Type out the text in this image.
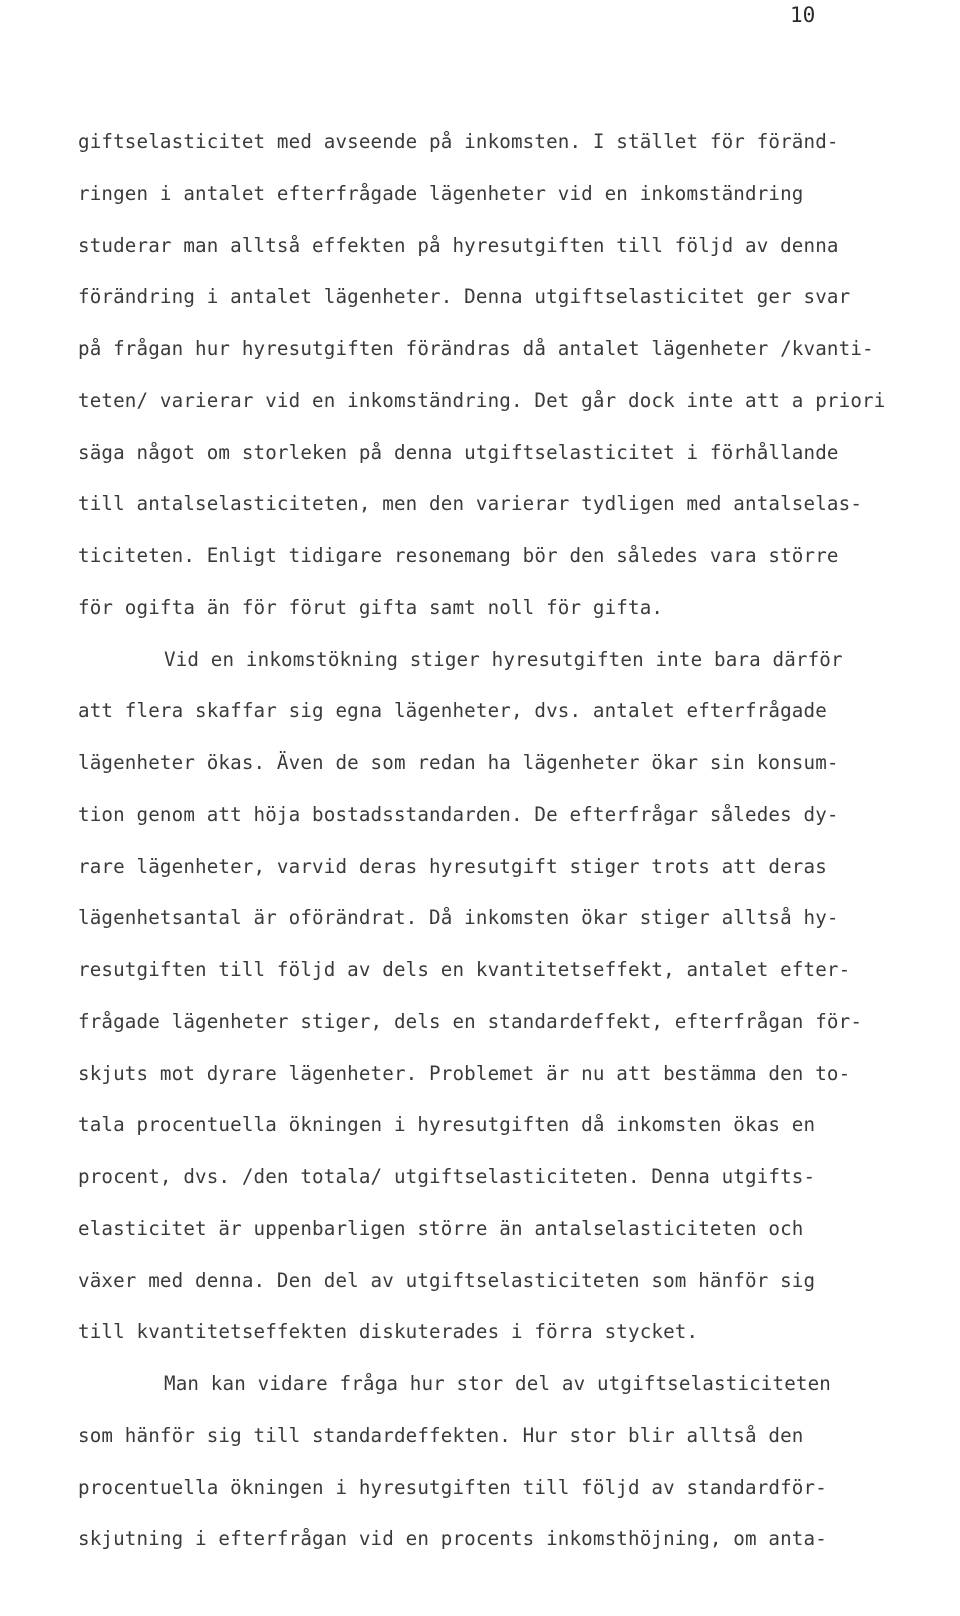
10
giftselasticitet med avseende på inkomsten. I stället för föränd-
ringen i antalet efterfrågade lägenheter vid en inkomständring
studerar man alltså effekten på hyresutgiften till följd av denna
förändring i antalet lägenheter. Denna utgiftselasticitet ger svar
på frågan hur hyresutgiften förändras då antalet lägenheter /kvanti-
teten/ varierar vid en inkomständring. Det går dock inte att a priori
säga något om storleken på denna utgiftselasticitet i förhållande
till antalselasticiteten, men den varierar tydligen med antalselas-
ticiteten. Enligt tidigare resonemang bör den således vara större
för ogifta än för förut gifta samt noll för gifta.
Vid en inkomstökning stiger hyresutgiften inte bara därför
att flera skaffar sig egna lägenheter, dvs. antalet efterfrågade
lägenheter ökas. Även de som redan ha lägenheter ökar sin konsum-
tion genom att höja bostadsstandarden. De efterfrågar således dy-
rare lägenheter, varvid deras hyresutgift stiger trots att deras
lägenhetsantal är oförändrat. Då inkomsten ökar stiger alltså hy-
resutgiften till följd av dels en kvantitetseffekt, antalet efter-
frågade lägenheter stiger, dels en standardeffekt, efterfrågan för-
skjuts mot dyrare lägenheter. Problemet är nu att bestämma den to-
tala procentuella ökningen i hyresutgiften då inkomsten ökas en
procent, dvs. /den totala/ utgiftselasticiteten. Denna utgifts-
elasticitet är uppenbarligen större än antalselasticiteten och
växer med denna. Den del av utgiftselasticiteten som hänför sig
till kvantitetseffekten diskuterades i förra stycket.
Man kan vidare fråga hur stor del av utgiftselasticiteten
som hänför sig till standardeffekten. Hur stor blir alltså den
procentuella ökningen i hyresutgiften till följd av standardför-
skjutning i efterfrågan vid en procents inkomsthöjning, om anta-
